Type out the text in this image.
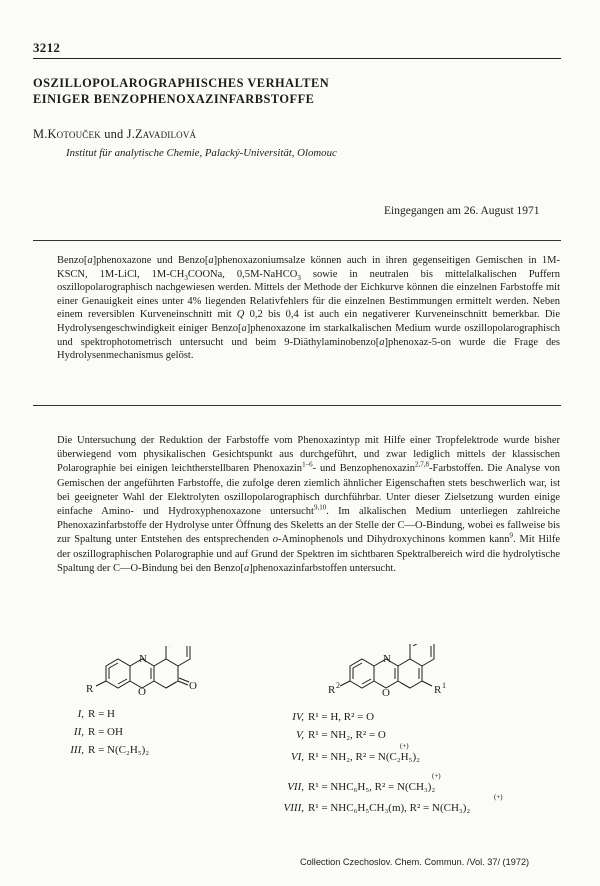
3212
OSZILLOPOLAROGRAPHISCHES VERHALTEN
EINIGER BENZOPHENOXAZINFARBSTOFFE
M.Kotouček und J.Zavadilová
Institut für analytische Chemie, Palacký-Universität, Olomouc
Eingegangen am 26. August 1971

Benzo[a]phenoxazone und Benzo[a]phenoxazoniumsalze können auch in ihren gegenseitigen Gemischen in 1M-KSCN, 1M-LiCl, $1M-CH_3COONa$, 0,5M-NaHCO$_3$ sowie in neutralen bis mittelalkalischen Puffern oszillopolarographisch nachgewiesen werden. Mittels der Methode der Eichkurve können die einzelnen Farbstoffe mit einer Genauigkeit eines unter 4% liegenden Relativfehlers für die einzelnen Bestimmungen ermittelt werden. Neben einem reversiblen Kurveneinschnitt mit Q 0,2 bis 0,4 ist auch ein negativerer Kurveneinschnitt bemerkbar. Die Hydrolysengeschwindigkeit einiger Benzo[a]phenoxazone im starkalkalischen Medium wurde oszillopolarographisch und spektrophotometrisch untersucht und beim 9-Diäthylaminobenzo[a]phenoxaz-5-on wurde die Frage des Hydrolysenmechanismus gelöst.

Die Untersuchung der Reduktion der Farbstoffe vom Phenoxazintyp mit Hilfe einer Tropfelektrode wurde bisher überwiegend vom physikalischen Gesichtspunkt aus durchgeführt, und zwar lediglich mittels der klassischen Polarographie bei einigen leichtherstellbaren Phenoxazin$^{1-6}$- und Benzophenoxazin$^{2,7,8}$-Farbstoffen. Die Analyse von Gemischen der angeführten Farbstoffe, die zufolge deren ziemlich ähnlicher Eigenschaften stets beschwerlich war, ist bei geeigneter Wahl der Elektrolyten oszillopolarographisch durchführbar. Unter dieser Zielsetzung wurden einige einfache Amino- und Hydroxyphenoxazone untersucht$^{9,10}$. Im alkalischen Medium unterliegen zahlreiche Phenoxazinfarbstoffe der Hydrolyse unter Öffnung des Skeletts an der Stelle der C—O-Bindung, wobei es fallweise bis zur Spaltung unter Entstehen des entsprechenden o-Aminophenols und Dihydroxychinons kommen kann$^9$. Mit Hilfe der oszillographischen Polarographie und auf Grund der Spektren im sichtbaren Spektralbereich wird die hydrolytische Spaltung der C—O-Bindung bei den Benzo[a]phenoxazinfarbstoffen untersucht.

N
O	O
R
N
O
R 2	R 1
I, R = H
II, R = OH
III, R = N(C₂H₅)₂
IV, R¹ = H, R² = O
V, R¹ = NH₂, R² = O
(+)
VI, R¹ = NH₂, R² = N(C₂H₅)₂
(+)
VII, R¹ = NHC₆H₅, R² = N(CH₃)₂
(+)
VIII, R¹ = NHC₆H₅CH₃(m), R² = N(CH₃)₂
Collection Czechoslov. Chem. Commun. /Vol. 37/ (1972)
